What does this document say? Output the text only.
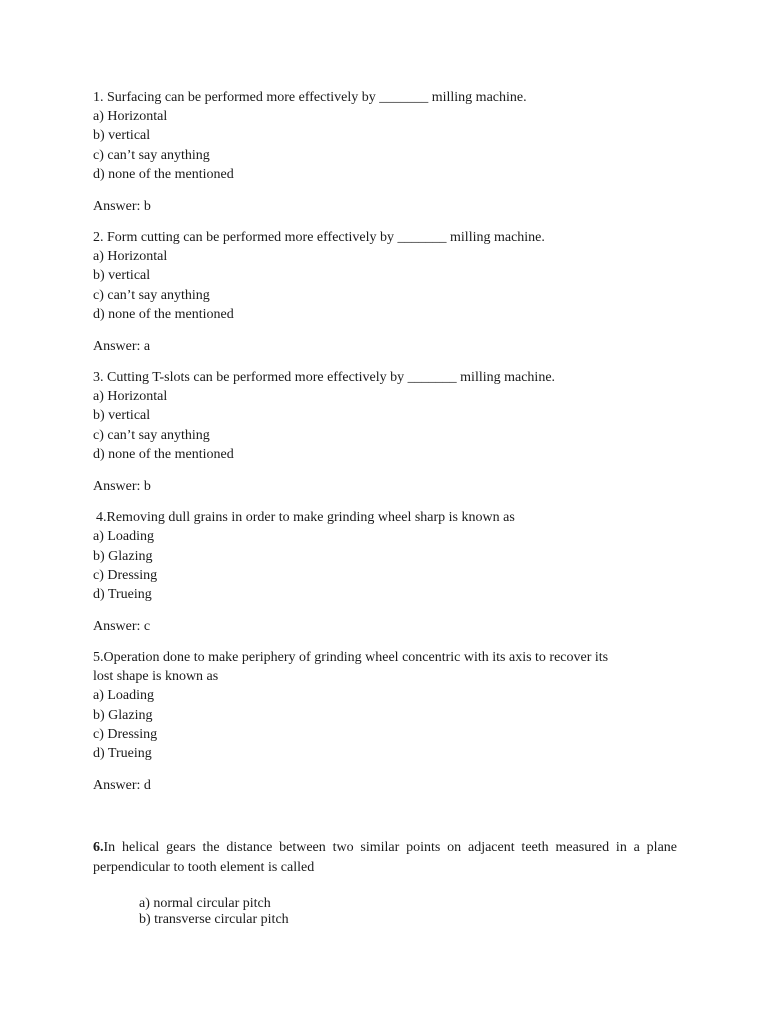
1. Surfacing can be performed more effectively by _______ milling machine.
a) Horizontal
b) vertical
c) can’t say anything
d) none of the mentioned
Answer: b
2. Form cutting can be performed more effectively by _______ milling machine.
a) Horizontal
b) vertical
c) can’t say anything
d) none of the mentioned
Answer: a
3. Cutting T-slots can be performed more effectively by _______ milling machine.
a) Horizontal
b) vertical
c) can’t say anything
d) none of the mentioned
Answer: b
4.Removing dull grains in order to make grinding wheel sharp is known as
a) Loading
b) Glazing
c) Dressing
d) Trueing
Answer: c
5.Operation done to make periphery of grinding wheel concentric with its axis to recover its
lost shape is known as
a) Loading
b) Glazing
c) Dressing
d) Trueing
Answer: d
6.In helical gears the distance between two similar points on adjacent teeth measured in a plane perpendicular to tooth element is called
a) normal circular pitch
b) transverse circular pitch
